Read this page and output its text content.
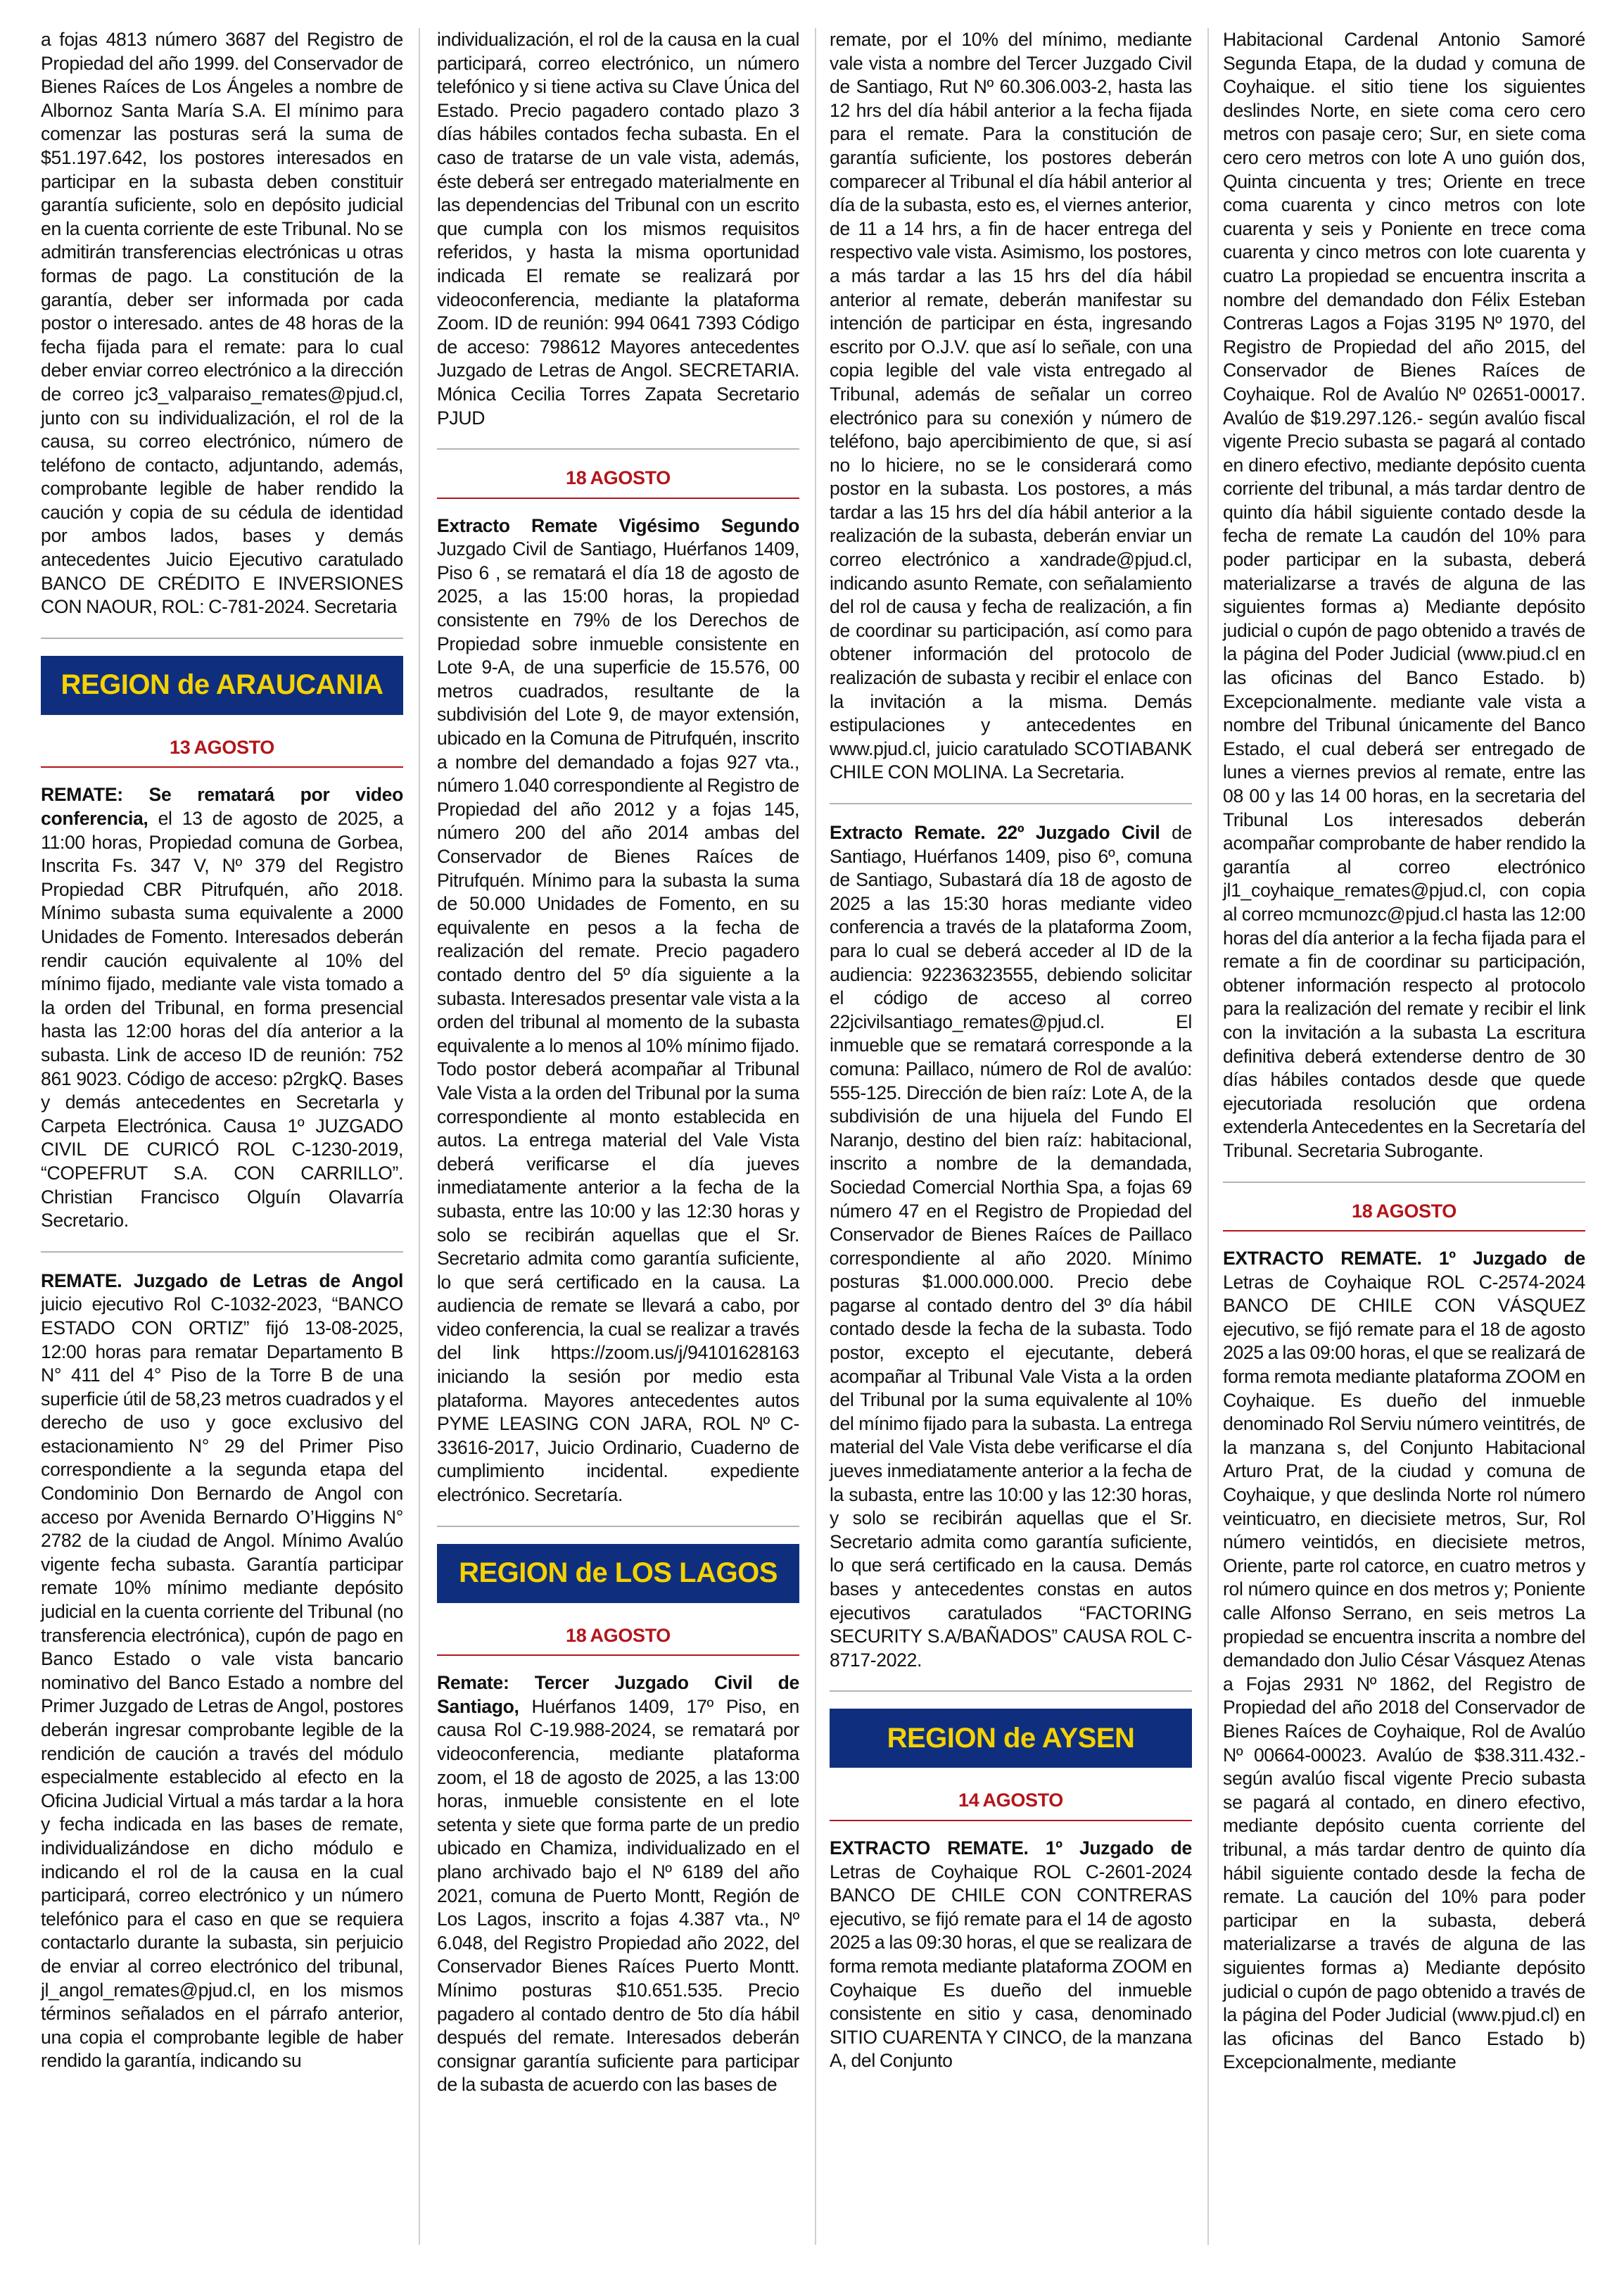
a fojas 4813 número 3687 del Registro de Propiedad del año 1999. del Conservador de Bienes Raíces de Los Ángeles a nombre de Albornoz Santa María S.A. El mínimo para comenzar las posturas será la suma de $51.197.642, los postores interesados en participar en la subasta deben constituir garantía suficiente, solo en depósito judicial en la cuenta corriente de este Tribunal. No se admitirán transferencias electrónicas u otras formas de pago. La constitución de la garantía, deber ser informada por cada postor o interesado. antes de 48 horas de la fecha fijada para el remate: para lo cual deber enviar correo electrónico a la dirección de correo jc3_valparaiso_remates@pjud.cl, junto con su individualización, el rol de la causa, su correo electrónico, número de teléfono de contacto, adjuntando, además, comprobante legible de haber rendido la caución y copia de su cédula de identidad por ambos lados, bases y demás antecedentes Juicio Ejecutivo caratulado BANCO DE CRÉDITO E INVERSIONES CON NAOUR, ROL: C-781-2024. Secretaria

REGION de ARAUCANIA

13 AGOSTO

REMATE: Se rematará por video conferencia, el 13 de agosto de 2025, a 11:00 horas, Propiedad comuna de Gorbea, Inscrita Fs. 347 V, Nº 379 del Registro Propiedad CBR Pitrufquén, año 2018. Mínimo subasta suma equivalente a 2000 Unidades de Fomento. Interesados deberán rendir caución equivalente al 10% del mínimo fijado, mediante vale vista tomado a la orden del Tribunal, en forma presencial hasta las 12:00 horas del día anterior a la subasta. Link de acceso ID de reunión: 752 861 9023. Código de acceso: p2rgkQ. Bases y demás antecedentes en Secretarla y Carpeta Electrónica. Causa 1º JUZGADO CIVIL DE CURICÓ ROL C-1230-2019, “COPEFRUT S.A. CON CARRILLO”. Christian Francisco Olguín Olavarría Secretario.

REMATE. Juzgado de Letras de Angol juicio ejecutivo Rol C-1032-2023, “BANCO ESTADO CON ORTIZ” fijó 13-08-2025, 12:00 horas para rematar Departamento B N° 411 del 4° Piso de la Torre B de una superficie útil de 58,23 metros cuadrados y el derecho de uso y goce exclusivo del estacionamiento N° 29 del Primer Piso correspondiente a la segunda etapa del Condominio Don Bernardo de Angol con acceso por Avenida Bernardo O’Higgins N° 2782 de la ciudad de Angol. Mínimo Avalúo vigente fecha subasta. Garantía participar remate 10% mínimo mediante depósito judicial en la cuenta corriente del Tribunal (no transferencia electrónica), cupón de pago en Banco Estado o vale vista bancario nominativo del Banco Estado a nombre del Primer Juzgado de Letras de Angol, postores deberán ingresar comprobante legible de la rendición de caución a través del módulo especialmente establecido al efecto en la Oficina Judicial Virtual a más tardar a la hora y fecha indicada en las bases de remate, individualizándose en dicho módulo e indicando el rol de la causa en la cual participará, correo electrónico y un número telefónico para el caso en que se requiera contactarlo durante la subasta, sin perjuicio de enviar al correo electrónico del tribunal, jl_angol_remates@pjud.cl, en los mismos términos señalados en el párrafo anterior, una copia el comprobante legible de haber rendido la garantía, indicando su

individualización, el rol de la causa en la cual participará, correo electrónico, un número telefónico y si tiene activa su Clave Única del Estado. Precio pagadero contado plazo 3 días hábiles contados fecha subasta. En el caso de tratarse de un vale vista, además, éste deberá ser entregado materialmente en las dependencias del Tribunal con un escrito que cumpla con los mismos requisitos referidos, y hasta la misma oportunidad indicada El remate se realizará por videoconferencia, mediante la plataforma Zoom. ID de reunión: 994 0641 7393 Código de acceso: 798612 Mayores antecedentes Juzgado de Letras de Angol. SECRETARIA. Mónica Cecilia Torres Zapata Secretario PJUD

18 AGOSTO

Extracto Remate Vigésimo Segundo Juzgado Civil de Santiago, Huérfanos 1409, Piso 6 , se rematará el día 18 de agosto de 2025, a las 15:00 horas, la propiedad consistente en 79% de los Derechos de Propiedad sobre inmueble consistente en Lote 9-A, de una superficie de 15.576, 00 metros cuadrados, resultante de la subdivisión del Lote 9, de mayor extensión, ubicado en la Comuna de Pitrufquén, inscrito a nombre del demandado a fojas 927 vta., número 1.040 correspondiente al Registro de Propiedad del año 2012 y a fojas 145, número 200 del año 2014 ambas del Conservador de Bienes Raíces de Pitrufquén. Mínimo para la subasta la suma de 50.000 Unidades de Fomento, en su equivalente en pesos a la fecha de realización del remate. Precio pagadero contado dentro del 5º día siguiente a la subasta. Interesados presentar vale vista a la orden del tribunal al momento de la subasta equivalente a lo menos al 10% mínimo fijado. Todo postor deberá acompañar al Tribunal Vale Vista a la orden del Tribunal por la suma correspondiente al monto establecida en autos. La entrega material del Vale Vista deberá verificarse el día jueves inmediatamente anterior a la fecha de la subasta, entre las 10:00 y las 12:30 horas y solo se recibirán aquellas que el Sr. Secretario admita como garantía suficiente, lo que será certificado en la causa. La audiencia de remate se llevará a cabo, por video conferencia, la cual se realizar a través del link https://zoom.us/j/94101628163 iniciando la sesión por medio esta plataforma. Mayores antecedentes autos PYME LEASING CON JARA, ROL Nº C-33616-2017, Juicio Ordinario, Cuaderno de cumplimiento incidental. expediente electrónico. Secretaría.

REGION de LOS LAGOS

18 AGOSTO

Remate: Tercer Juzgado Civil de Santiago, Huérfanos 1409, 17º Piso, en causa Rol C-19.988-2024, se rematará por videoconferencia, mediante plataforma zoom, el 18 de agosto de 2025, a las 13:00 horas, inmueble consistente en el lote setenta y siete que forma parte de un predio ubicado en Chamiza, individualizado en el plano archivado bajo el Nº 6189 del año 2021, comuna de Puerto Montt, Región de Los Lagos, inscrito a fojas 4.387 vta., Nº 6.048, del Registro Propiedad año 2022, del Conservador Bienes Raíces Puerto Montt. Mínimo posturas $10.651.535. Precio pagadero al contado dentro de 5to día hábil después del remate. Interesados deberán consignar garantía suficiente para participar de la subasta de acuerdo con las bases de

remate, por el 10% del mínimo, mediante vale vista a nombre del Tercer Juzgado Civil de Santiago, Rut Nº 60.306.003-2, hasta las 12 hrs del día hábil anterior a la fecha fijada para el remate. Para la constitución de garantía suficiente, los postores deberán comparecer al Tribunal el día hábil anterior al día de la subasta, esto es, el viernes anterior, de 11 a 14 hrs, a fin de hacer entrega del respectivo vale vista. Asimismo, los postores, a más tardar a las 15 hrs del día hábil anterior al remate, deberán manifestar su intención de participar en ésta, ingresando escrito por O.J.V. que así lo señale, con una copia legible del vale vista entregado al Tribunal, además de señalar un correo electrónico para su conexión y número de teléfono, bajo apercibimiento de que, si así no lo hiciere, no se le considerará como postor en la subasta. Los postores, a más tardar a las 15 hrs del día hábil anterior a la realización de la subasta, deberán enviar un correo electrónico a xandrade@pjud.cl, indicando asunto Remate, con señalamiento del rol de causa y fecha de realización, a fin de coordinar su participación, así como para obtener información del protocolo de realización de subasta y recibir el enlace con la invitación a la misma. Demás estipulaciones y antecedentes en www.pjud.cl, juicio caratulado SCOTIABANK CHILE CON MOLINA. La Secretaria.

Extracto Remate. 22º Juzgado Civil de Santiago, Huérfanos 1409, piso 6º, comuna de Santiago, Subastará día 18 de agosto de 2025 a las 15:30 horas mediante video conferencia a través de la plataforma Zoom, para lo cual se deberá acceder al ID de la audiencia: 92236323555, debiendo solicitar el código de acceso al correo 22jcivilsantiago_remates@pjud.cl. El inmueble que se rematará corresponde a la comuna: Paillaco, número de Rol de avalúo: 555-125. Dirección de bien raíz: Lote A, de la subdivisión de una hijuela del Fundo El Naranjo, destino del bien raíz: habitacional, inscrito a nombre de la demandada, Sociedad Comercial Northia Spa, a fojas 69 número 47 en el Registro de Propiedad del Conservador de Bienes Raíces de Paillaco correspondiente al año 2020. Mínimo posturas $1.000.000.000. Precio debe pagarse al contado dentro del 3º día hábil contado desde la fecha de la subasta. Todo postor, excepto el ejecutante, deberá acompañar al Tribunal Vale Vista a la orden del Tribunal por la suma equivalente al 10% del mínimo fijado para la subasta. La entrega material del Vale Vista debe verificarse el día jueves inmediatamente anterior a la fecha de la subasta, entre las 10:00 y las 12:30 horas, y solo se recibirán aquellas que el Sr. Secretario admita como garantía suficiente, lo que será certificado en la causa. Demás bases y antecedentes constas en autos ejecutivos caratulados “FACTORING SECURITY S.A/BAÑADOS” CAUSA ROL C-8717-2022.

REGION de AYSEN

14 AGOSTO

EXTRACTO REMATE. 1º Juzgado de Letras de Coyhaique ROL C-2601-2024 BANCO DE CHILE CON CONTRERAS ejecutivo, se fijó remate para el 14 de agosto 2025 a las 09:30 horas, el que se realizara de forma remota mediante plataforma ZOOM en Coyhaique Es dueño del inmueble consistente en sitio y casa, denominado SITIO CUARENTA Y CINCO, de la manzana A, del Conjunto

Habitacional Cardenal Antonio Samoré Segunda Etapa, de la dudad y comuna de Coyhaique. el sitio tiene los siguientes deslindes Norte, en siete coma cero cero metros con pasaje cero; Sur, en siete coma cero cero metros con lote A uno guión dos, Quinta cincuenta y tres; Oriente en trece coma cuarenta y cinco metros con lote cuarenta y seis y Poniente en trece coma cuarenta y cinco metros con lote cuarenta y cuatro La propiedad se encuentra inscrita a nombre del demandado don Félix Esteban Contreras Lagos a Fojas 3195 Nº 1970, del Registro de Propiedad del año 2015, del Conservador de Bienes Raíces de Coyhaique. Rol de Avalúo Nº 02651-00017. Avalúo de $19.297.126.- según avalúo fiscal vigente Precio subasta se pagará al contado en dinero efectivo, mediante depósito cuenta corriente del tribunal, a más tardar dentro de quinto día hábil siguiente contado desde la fecha de remate La caudón del 10% para poder participar en la subasta, deberá materializarse a través de alguna de las siguientes formas a) Mediante depósito judicial o cupón de pago obtenido a través de la página del Poder Judicial (www.piud.cl en las oficinas del Banco Estado. b) Excepcionalmente. mediante vale vista a nombre del Tribunal únicamente del Banco Estado, el cual deberá ser entregado de lunes a viernes previos al remate, entre las 08 00 y las 14 00 horas, en la secretaria del Tribunal Los interesados deberán acompañar comprobante de haber rendido la garantía al correo electrónico jl1_coyhaique_remates@pjud.cl, con copia al correo mcmunozc@pjud.cl hasta las 12:00 horas del día anterior a la fecha fijada para el remate a fin de coordinar su participación, obtener información respecto al protocolo para la realización del remate y recibir el link con la invitación a la subasta La escritura definitiva deberá extenderse dentro de 30 días hábiles contados desde que quede ejecutoriada resolución que ordena extenderla Antecedentes en la Secretaría del Tribunal. Secretaria Subrogante.

18 AGOSTO

EXTRACTO REMATE. 1º Juzgado de Letras de Coyhaique ROL C-2574-2024 BANCO DE CHILE CON VÁSQUEZ ejecutivo, se fijó remate para el 18 de agosto 2025 a las 09:00 horas, el que se realizará de forma remota mediante plataforma ZOOM en Coyhaique. Es dueño del inmueble denominado Rol Serviu número veintitrés, de la manzana s, del Conjunto Habitacional Arturo Prat, de la ciudad y comuna de Coyhaique, y que deslinda Norte rol número veinticuatro, en diecisiete metros, Sur, Rol número veintidós, en diecisiete metros, Oriente, parte rol catorce, en cuatro metros y rol número quince en dos metros y; Poniente calle Alfonso Serrano, en seis metros La propiedad se encuentra inscrita a nombre del demandado don Julio César Vásquez Atenas a Fojas 2931 Nº 1862, del Registro de Propiedad del año 2018 del Conservador de Bienes Raíces de Coyhaique, Rol de Avalúo Nº 00664-00023. Avalúo de $38.311.432.- según avalúo fiscal vigente Precio subasta se pagará al contado, en dinero efectivo, mediante depósito cuenta corriente del tribunal, a más tardar dentro de quinto día hábil siguiente contado desde la fecha de remate. La caución del 10% para poder participar en la subasta, deberá materializarse a través de alguna de las siguientes formas a) Mediante depósito judicial o cupón de pago obtenido a través de la página del Poder Judicial (www.pjud.cl) en las oficinas del Banco Estado b) Excepcionalmente, mediante
